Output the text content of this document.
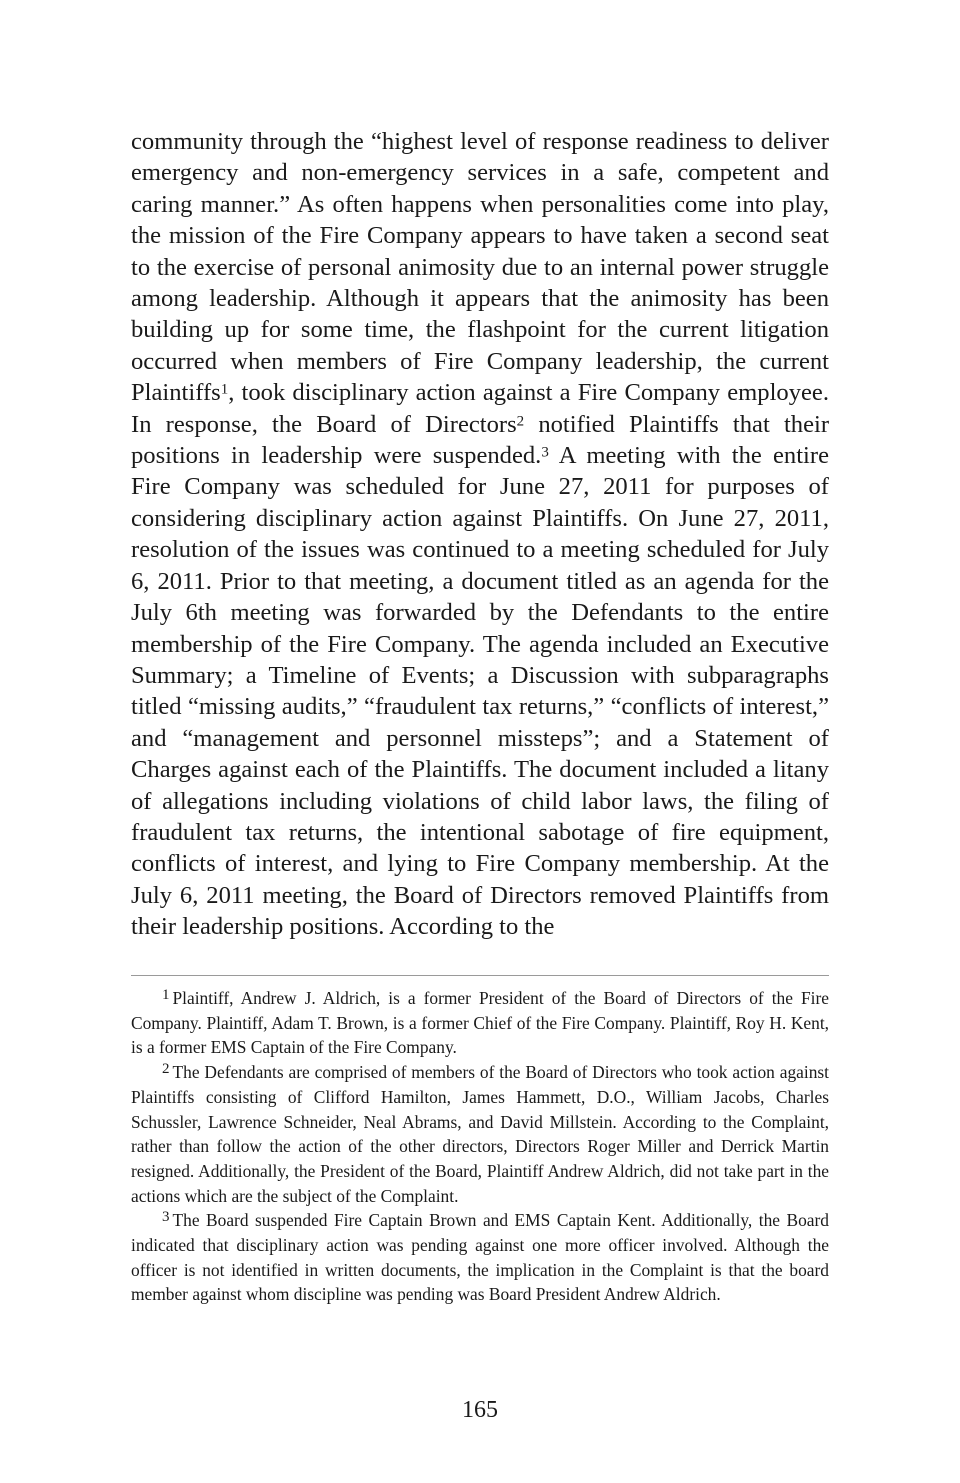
community through the “highest level of response readiness to deliver emergency and non-emergency services in a safe, competent and caring manner.” As often happens when personalities come into play, the mission of the Fire Company appears to have taken a second seat to the exercise of personal animosity due to an internal power struggle among leadership. Although it appears that the animosity has been building up for some time, the flashpoint for the current litigation occurred when members of Fire Company leadership, the current Plaintiffs$^1$, took disciplinary action against a Fire Company employee. In response, the Board of Directors$^2$ notified Plaintiffs that their positions in leadership were suspended.$^3$ A meeting with the entire Fire Company was scheduled for June 27, 2011 for purposes of considering disciplinary action against Plaintiffs. On June 27, 2011, resolution of the issues was continued to a meeting scheduled for July 6, 2011. Prior to that meeting, a document titled as an agenda for the July 6th meeting was forwarded by the Defendants to the entire membership of the Fire Company. The agenda included an Executive Summary; a Timeline of Events; a Discussion with subparagraphs titled “missing audits,” “fraudulent tax returns,” “conflicts of interest,” and “management and personnel missteps”; and a Statement of Charges against each of the Plaintiffs. The document included a litany of allegations including violations of child labor laws, the filing of fraudulent tax returns, the intentional sabotage of fire equipment, conflicts of interest, and lying to Fire Company membership. At the July 6, 2011 meeting, the Board of Directors removed Plaintiffs from their leadership positions. According to the

1 Plaintiff, Andrew J. Aldrich, is a former President of the Board of Directors of the Fire Company. Plaintiff, Adam T. Brown, is a former Chief of the Fire Company. Plaintiff, Roy H. Kent, is a former EMS Captain of the Fire Company.

2 The Defendants are comprised of members of the Board of Directors who took action against Plaintiffs consisting of Clifford Hamilton, James Hammett, D.O., William Jacobs, Charles Schussler, Lawrence Schneider, Neal Abrams, and David Millstein. According to the Complaint, rather than follow the action of the other directors, Directors Roger Miller and Derrick Martin resigned. Additionally, the President of the Board, Plaintiff Andrew Aldrich, did not take part in the actions which are the subject of the Complaint.

3 The Board suspended Fire Captain Brown and EMS Captain Kent. Additionally, the Board indicated that disciplinary action was pending against one more officer involved. Although the officer is not identified in written documents, the implication in the Complaint is that the board member against whom discipline was pending was Board President Andrew Aldrich.

165
